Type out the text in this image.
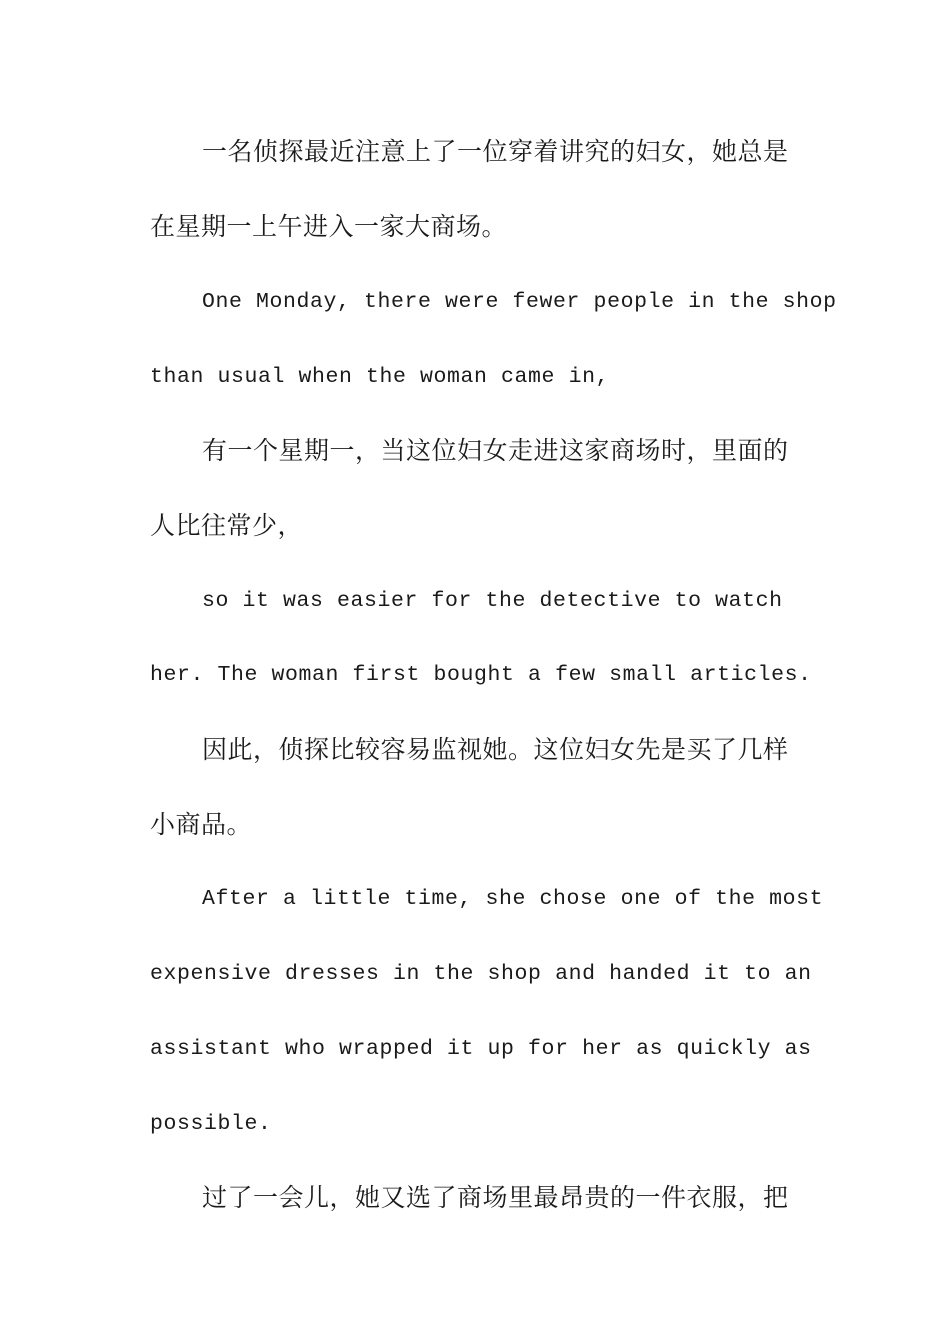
一名侦探最近注意上了一位穿着讲究的妇女，她总是
在星期一上午进入一家大商场。
One Monday, there were fewer people in the shop
than usual when the woman came in,
有一个星期一，当这位妇女走进这家商场时，里面的
人比往常少，
so it was easier for the detective to watch
her. The woman first bought a few small articles.
因此，侦探比较容易监视她。这位妇女先是买了几样
小商品。
After a little time, she chose one of the most
expensive dresses in the shop and handed it to an
assistant who wrapped it up for her as quickly as
possible.
过了一会儿，她又选了商场里最昂贵的一件衣服，把
